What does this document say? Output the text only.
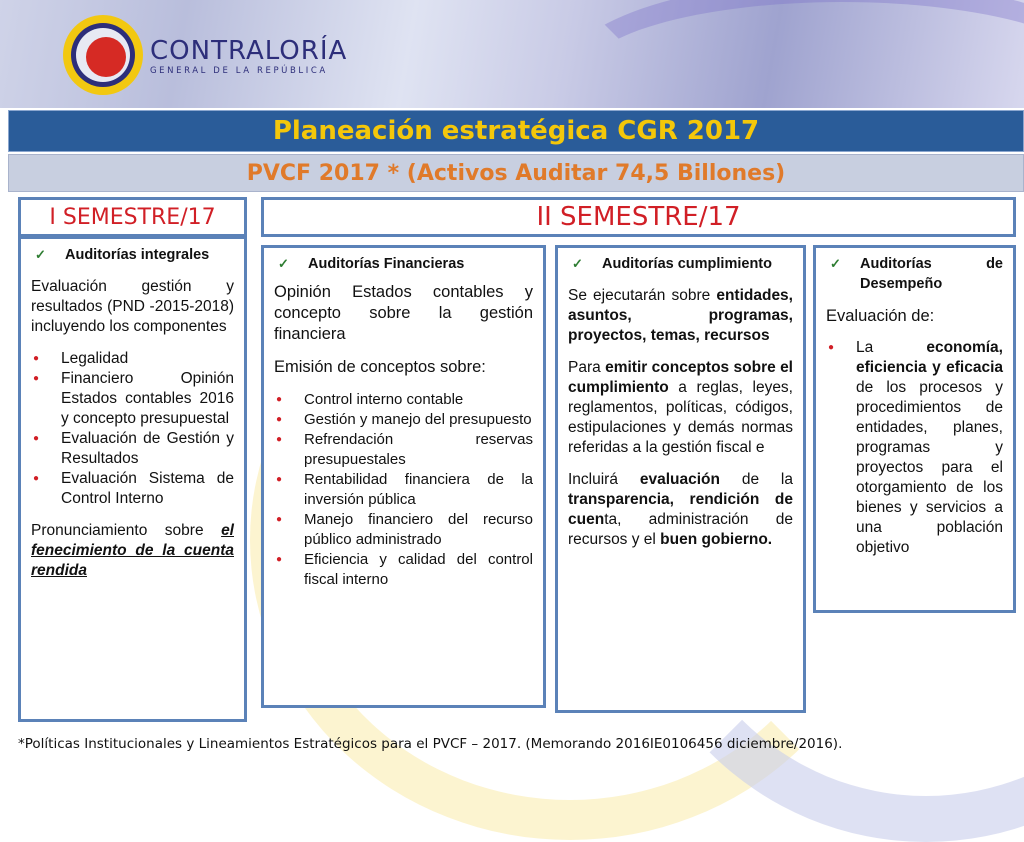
CONTRALORÍA
GENERAL DE LA REPÚBLICA
Planeación estratégica CGR 2017
PVCF 2017 * (Activos Auditar 74,5 Billones)
I SEMESTRE/17	II SEMESTRE/17
✓	Auditorías integrales

Evaluación gestión y resultados (PND -2015-2018) incluyendo los componentes

●	Legalidad
●	Financiero Opinión Estados contables 2016 y concepto presupuestal
●	Evaluación de Gestión y Resultados
●	Evaluación Sistema de Control Interno

Pronunciamiento sobre el fenecimiento de la cuenta rendida

✓	Auditorías Financieras

Opinión Estados contables y concepto sobre la gestión financiera

Emisión de conceptos sobre:

●	Control interno contable
●	Gestión y manejo del presupuesto
●	Refrendación reservas presupuestales
●	Rentabilidad financiera de la inversión pública
●	Manejo financiero del recurso público administrado
●	Eficiencia y calidad del control fiscal interno
✓	Auditorías cumplimiento

Se ejecutarán sobre entidades, asuntos, programas, proyectos, temas, recursos

Para emitir conceptos sobre el cumplimiento a reglas, leyes, reglamentos, políticas, códigos, estipulaciones y demás normas referidas a la gestión fiscal e

Incluirá evaluación de la transparencia, rendición de cuenta, administración de recursos y el buen gobierno.

✓	Auditorías de Desempeño

Evaluación de:

●	La economía, eficiencia y eficacia de los procesos y procedimientos de entidades, planes, programas y proyectos para el otorgamiento de los bienes y servicios a una población objetivo
*Políticas Institucionales y Lineamientos Estratégicos para el PVCF – 2017. (Memorando 2016IE0106456 diciembre/2016).
